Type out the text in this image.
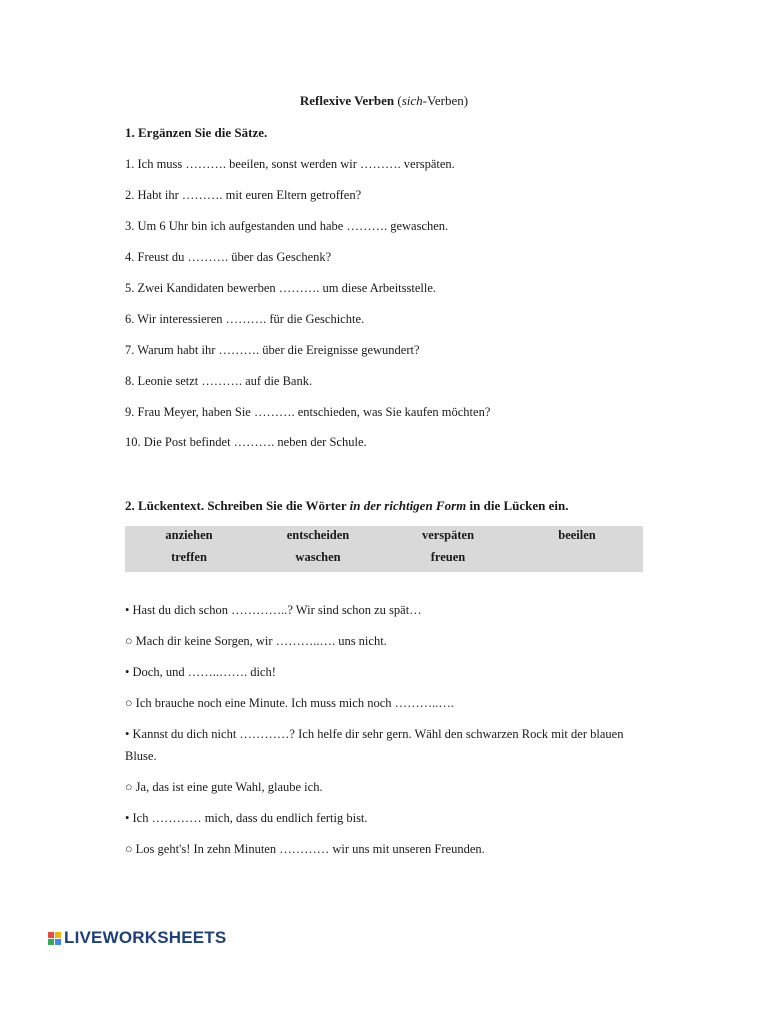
Reflexive Verben (sich-Verben)
1. Ergänzen Sie die Sätze.
1. Ich muss ………. beeilen, sonst werden wir ………. verspäten.
2. Habt ihr ………. mit euren Eltern getroffen?
3. Um 6 Uhr bin ich aufgestanden und habe ………. gewaschen.
4. Freust du ………. über das Geschenk?
5. Zwei Kandidaten bewerben ………. um diese Arbeitsstelle.
6. Wir interessieren ………. für die Geschichte.
7. Warum habt ihr ………. über die Ereignisse gewundert?
8. Leonie setzt ………. auf die Bank.
9. Frau Meyer, haben Sie ………. entschieden, was Sie kaufen möchten?
10. Die Post befindet ………. neben der Schule.
2. Lückentext. Schreiben Sie die Wörter in der richtigen Form in die Lücken ein.
anziehen	entscheiden	verspäten	beeilen
treffen	waschen	freuen
• Hast du dich schon …………..? Wir sind schon zu spät…
○ Mach dir keine Sorgen, wir ………..…. uns nicht.
• Doch, und ……..……. dich!
○ Ich brauche noch eine Minute. Ich muss mich noch ………..….
• Kannst du dich nicht …………? Ich helfe dir sehr gern. Wähl den schwarzen Rock mit der blauen Bluse.
○ Ja, das ist eine gute Wahl, glaube ich.
• Ich ………… mich, dass du endlich fertig bist.
○ Los geht's! In zehn Minuten ………… wir uns mit unseren Freunden.
LIVEWORKSHEETS
